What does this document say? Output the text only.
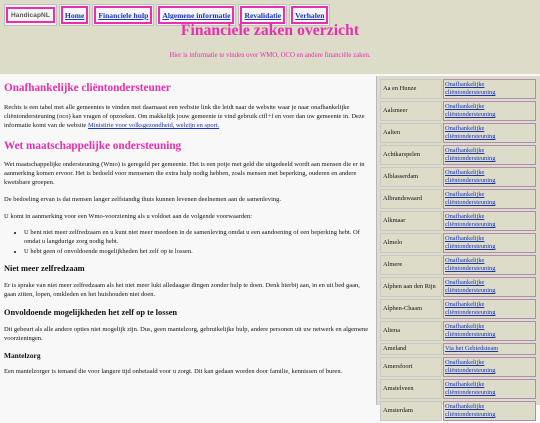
HandicapNL	Home	Financiele hulp	Algemene informatie	Revalidatie	Verhalen
Financiele zaken overzicht
Hier is informatie te vinden over WMO, OCO en andere financiële zaken.
Onafhankelijke cliëntondersteuner

Rechts is een tabel met alle gemeentes te vinden met daarnaast een website link die leidt naar de website waar je naar onafhankelijke cliëntondersteuning (oco) kan vragen of opzoeken. Om makkelijk jouw gemeente te vind gebruik ctfl+f en voer dan uw gemeente in. Deze informatie komt van de website Ministirie voor volksgezondheid, welzijn en sport.

Wet maatschappelijke ondersteuning

Wet maatschappelijke ondersteuning (Wmo) is geregeld per gemeente. Het is een potje met geld die uitgedeeld wordt aan mensen die er in aanmerking komen ervoor. Het is bedoeld voor mensenen die extra hulp nodig hebben, zoals mensen met beperking, ouderen en andere kwetsbare groepen.

De bedoeling ervan is dat mensen langer zelfstandig thuis kunnen levenen deelnemen aan de samenleving.

U komt in aanmerking voor een Wmo-voorziening als u voldoet aan de volgende voorwaarden:

• U bent niet meer zelfredzaam en u kunt niet meer meedoen in de samenleving omdat u een aandoening of een beperking hebt. Of omdat u langdurige zorg nodig hebt.
• U hebt geen of onvoldoende mogelijkheden het zelf op te lossen.
Niet meer zelfredzaam

Er is sprake van niet meer zelfredzaam als het niet meer lukt alledaagse dingen zonder hulp te doen. Denk hierbij aan, in en uit bed gaan, gaan zitten, lopen, omkleden en het huishouden niet doen.

Onvoldoende mogelijkheden het zelf op te lossen

Dit gebeurt als alle andere opties niet mogelijk zijn. Dus, geen mantelzorg, gebruikelijke hulp, andere personen uit uw netwerk en algemene voorzieningen.

Mantelzorg

Een mantelzorger is iemand die voor langere tijd onbetaald voor u zorgt. Dit kan gedaan worden door familie, kennissen of buren.

Aa en Hunze	Onafhankelijke cliëntondersteuning

Aalsmeer	Onafhankelijke cliëntondersteuning

Aalten	Onafhankelijke cliëntondersteuning

Achtkarspelen	Onafhankelijke cliëntondersteuning

Alblasserdam	Onafhankelijke cliëntondersteuning

Albrandswaard	Onafhankelijke cliëntondersteuning

Alkmaar	Onafhankelijke cliëntondersteuning

Almelo	Onafhankelijke cliëntondersteuning

Almere	Onafhankelijke cliëntondersteuning

Alphen aan den Rijn	Onafhankelijke cliëntondersteuning

Alphen-Chaam	Onafhankelijke cliëntondersteuning

Altena	Onafhankelijke cliëntondersteuning

Ameland	Via het Gebiedsteam

Amersfoort	Onafhankelijke cliëntondersteuning

Amstelveen	Onafhankelijke cliëntondersteuning

Amsterdam	Onafhankelijke cliëntondersteuning
